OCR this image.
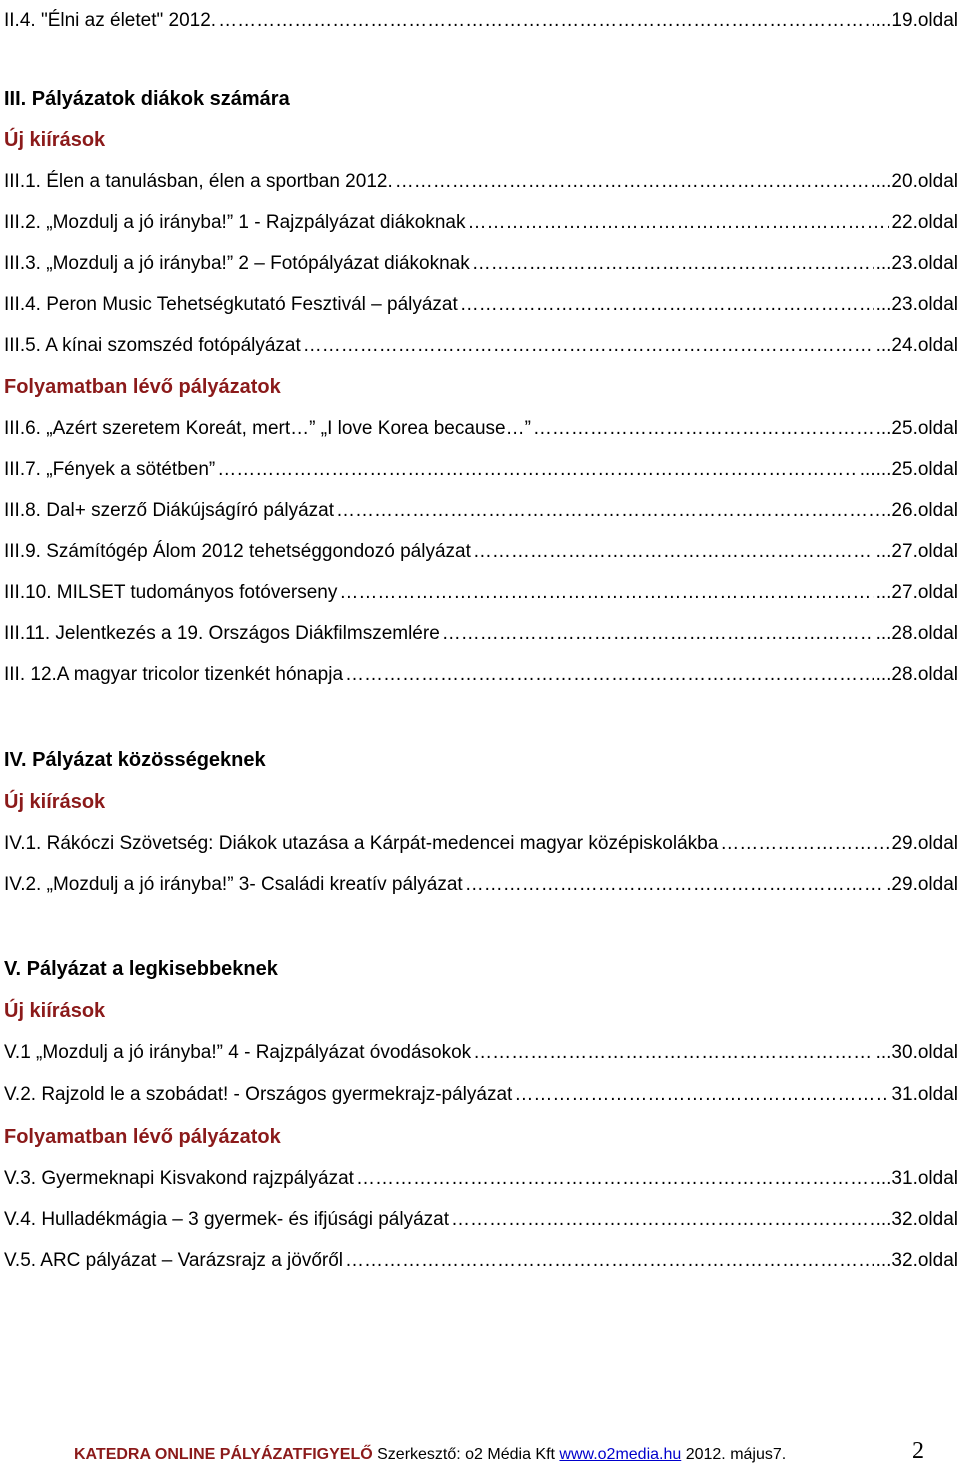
II.4. "Élni az életet" 2012. ………………………………………………………………………………………………………………………………………………………………	...19.oldal
III. Pályázatok diákok számára
Új kiírások
III.1. Élen a tanulásban, élen a sportban 2012. ………………………………………………………………………………………………………………………………………………………………	...20.oldal
III.2. „Mozdulj a jó irányba!” 1 - Rajzpályázat diákoknak ………………………………………………………………………………………………………………………………………………………………	22.oldal
III.3. „Mozdulj a jó irányba!” 2 – Fotópályázat diákoknak ………………………………………………………………………………………………………………………………………………………………	...23.oldal
III.4. Peron Music Tehetségkutató Fesztivál – pályázat ………………………………………………………………………………………………………………………………………………………………	...23.oldal
III.5. A kínai szomszéd fotópályázat ………………………………………………………………………………………………………………………………………………………………	...24.oldal
Folyamatban lévő pályázatok
III.6. „Azért szeretem Koreát, mert…” „I love Korea because…” ………………………………………………………………………………………………………………………………………………………………	...25.oldal
III.7. „Fények a sötétben” ………………………………………………………………………………………………………………………………………………………………	......25.oldal
III.8. Dal+ szerző Diákújságíró pályázat ………………………………………………………………………………………………………………………………………………………………	..26.oldal
III.9. Számítógép Álom 2012 tehetséggondozó pályázat ………………………………………………………………………………………………………………………………………………………………	...27.oldal
III.10. MILSET tudományos fotóverseny ………………………………………………………………………………………………………………………………………………………………	...27.oldal
III.11. Jelentkezés a 19. Országos Diákfilmszemlére ………………………………………………………………………………………………………………………………………………………………	...28.oldal
III. 12.A magyar tricolor tizenkét hónapja ………………………………………………………………………………………………………………………………………………………………	...28.oldal
IV. Pályázat közösségeknek
Új kiírások
IV.1. Rákóczi Szövetség: Diákok utazása a Kárpát-medencei magyar középiskolákba ………………………………………………………………………………………………………………………………………………………………	29.oldal
IV.2. „Mozdulj a jó irányba!” 3- Családi kreatív pályázat ………………………………………………………………………………………………………………………………………………………………	.29.oldal
V. Pályázat a legkisebbeknek
Új kiírások
V.1 „Mozdulj a jó irányba!” 4 - Rajzpályázat óvodásokok ………………………………………………………………………………………………………………………………………………………………	...30.oldal
V.2. Rajzold le a szobádat! - Országos gyermekrajz-pályázat ………………………………………………………………………………………………………………………………………………………………	31.oldal
Folyamatban lévő pályázatok
V.3. Gyermeknapi Kisvakond rajzpályázat ………………………………………………………………………………………………………………………………………………………………	...31.oldal
V.4. Hulladékmágia – 3 gyermek- és ifjúsági pályázat ………………………………………………………………………………………………………………………………………………………………	...32.oldal
V.5. ARC pályázat – Varázsrajz a jövőről ………………………………………………………………………………………………………………………………………………………………	...32.oldal
KATEDRA ONLINE PÁLYÁZATFIGYELŐ Szerkesztő: o2 Média Kft www.o2media.hu 2012. május7.	2
